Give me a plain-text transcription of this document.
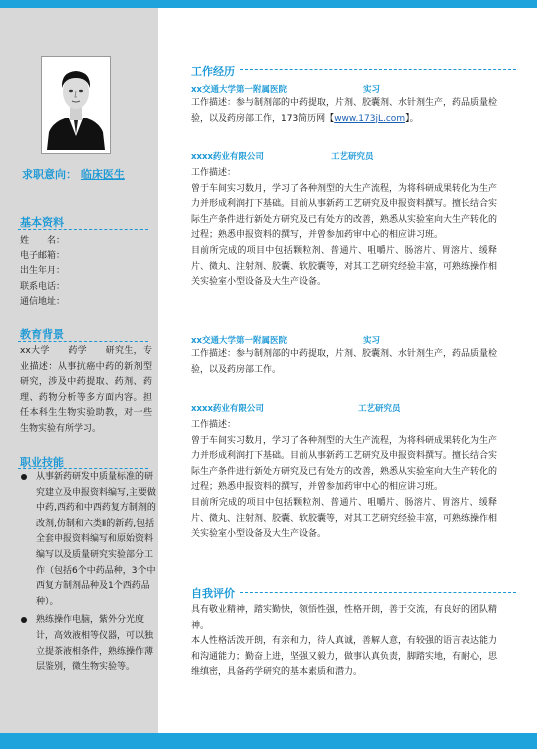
求职意向： 临床医生
基本资料
姓　　名：
电子邮箱：
出生年月：
联系电话：
通信地址：
教育背景
xx大学　　药学　　研究生，专业描述：从事抗癌中药的新剂型研究，涉及中药提取、药剂、药理、药物分析等多方面内容。担任本科生生物实验助教，对一些生物实验有所学习。
职业技能
从事新药研发中质量标准的研究建立及申报资料编写,主要做中药,西药和中西药复方制剂的改剂,仿制和六类Ⅱ的新药,包括全套申报资料编写和原始资料编写以及质量研究实验部分工作（包括6个中药品种，3个中西复方制剂品种及1个西药品种）。
熟练操作电脑，紫外分光度计，高效液相等仪器，可以独立提茶液相条件，熟练操作薄层鉴别，微生物实验等。
工作经历
xx交通大学第一附属医院	实习
工作描述：参与制剂部的中药提取，片剂、胶囊剂、水针剂生产，药品质量检验，以及药房部工作，173简历网【www.173jL.com】。
xxxx药业有限公司	工艺研究员
工作描述：
曾于车间实习数月，学习了各种剂型的大生产流程，为将科研成果转化为生产力并形成利润打下基础。目前从事新药工艺研究及申报资料撰写。擅长结合实际生产条件进行新处方研究及已有处方的改善，熟悉从实验室向大生产转化的过程；熟悉申报资料的撰写，并曾参加药审中心的相应讲习班。
目前所完成的项目中包括颗粒剂、普通片、咀嚼片、肠溶片、胃溶片、缓释片、微丸、注射剂、胶囊、软胶囊等，对其工艺研究经验丰富，可熟练操作相关实验室小型设备及大生产设备。
xx交通大学第一附属医院	实习
工作描述：参与制剂部的中药提取，片剂、胶囊剂、水针剂生产，药品质量检验，以及药房部工作。
xxxx药业有限公司	工艺研究员
工作描述：
曾于车间实习数月，学习了各种剂型的大生产流程，为将科研成果转化为生产力并形成利润打下基础。目前从事新药工艺研究及申报资料撰写。擅长结合实际生产条件进行新处方研究及已有处方的改善，熟悉从实验室向大生产转化的过程；熟悉申报资料的撰写，并曾参加药审中心的相应讲习班。
目前所完成的项目中包括颗粒剂、普通片、咀嚼片、肠溶片、胃溶片、缓释片、微丸、注射剂、胶囊、软胶囊等，对其工艺研究经验丰富，可熟练操作相关实验室小型设备及大生产设备。
自我评价
具有敬业精神，踏实勤快，领悟性强，性格开朗，善于交流，有良好的团队精神。
本人性格活泼开朗，有亲和力，待人真诚，善解人意，有较强的语言表达能力和沟通能力；勤奋上进，坚强又毅力，做事认真负责，脚踏实地，有耐心，思维缜密，具备药学研究的基本素质和潜力。
